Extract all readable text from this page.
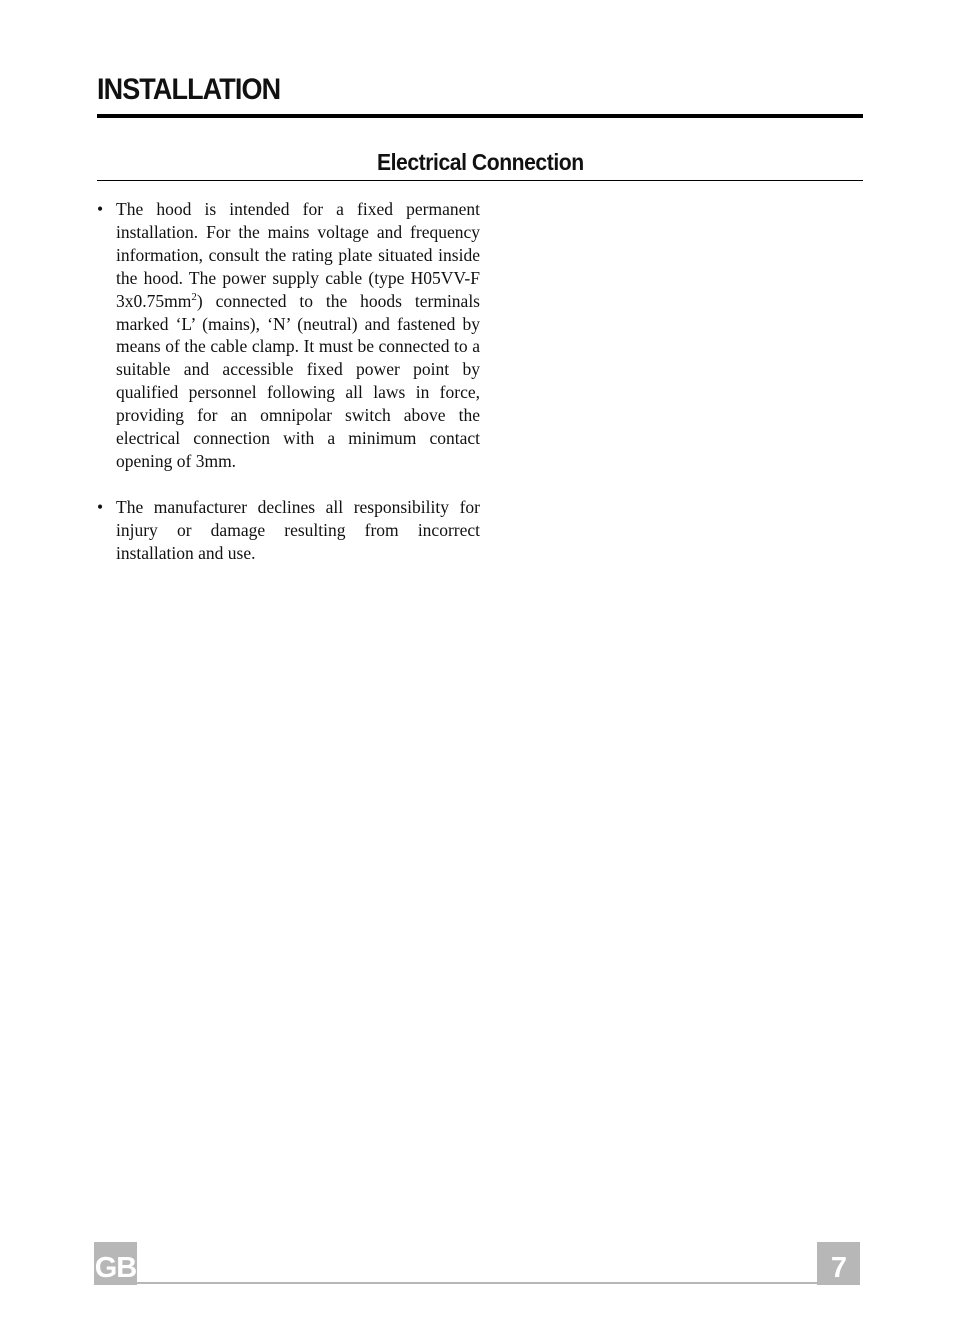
INSTALLATION
Electrical Connection
• The hood is intended for a fixed permanent installation. For the mains voltage and frequency information, consult the rating plate situated inside the hood. The power supply cable (type H05VV-F $3x0.75mm^2$) connected to the hoods terminals marked ‘L’ (mains), ‘N’ (neutral) and fastened by means of the cable clamp. It must be connected to a suitable and accessible fixed power point by qualified personnel following all laws in force, providing for an omnipolar switch above the electrical connection with a minimum contact opening of 3mm.
• The manufacturer declines all responsibility for injury or damage resulting from incorrect installation and use.
GB	7
